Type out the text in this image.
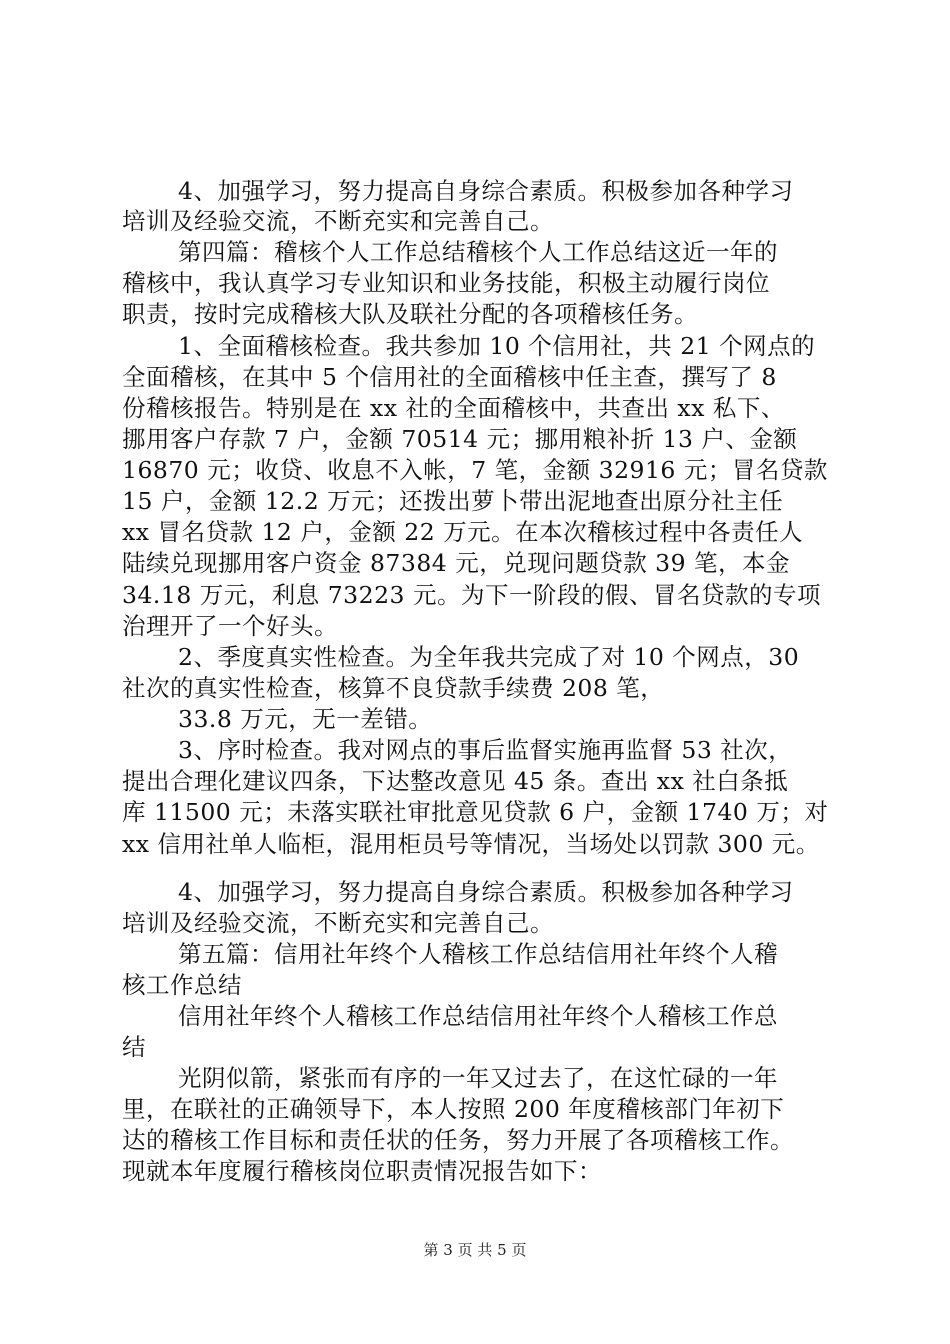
4、加强学习，努力提高自身综合素质。积极参加各种学习
培训及经验交流，不断充实和完善自己。
第四篇：稽核个人工作总结稽核个人工作总结这近一年的
稽核中，我认真学习专业知识和业务技能，积极主动履行岗位
职责，按时完成稽核大队及联社分配的各项稽核任务。
1、全面稽核检查。我共参加 10 个信用社，共 21 个网点的
全面稽核，在其中 5 个信用社的全面稽核中任主查，撰写了 8
份稽核报告。特别是在 xx 社的全面稽核中，共查出 xx 私下、
挪用客户存款 7 户，金额 70514 元；挪用粮补折 13 户、金额
16870 元；收贷、收息不入帐，7 笔，金额 32916 元；冒名贷款
15 户，金额 12.2 万元；还拨出萝卜带出泥地查出原分社主任
xx 冒名贷款 12 户，金额 22 万元。在本次稽核过程中各责任人
陆续兑现挪用客户资金 87384 元，兑现问题贷款 39 笔，本金
34.18 万元，利息 73223 元。为下一阶段的假、冒名贷款的专项
治理开了一个好头。
2、季度真实性检查。为全年我共完成了对 10 个网点，30
社次的真实性检查，核算不良贷款手续费 208 笔，
33.8 万元，无一差错。
3、序时检查。我对网点的事后监督实施再监督 53 社次，
提出合理化建议四条，下达整改意见 45 条。查出 xx 社白条抵
库 11500 元；未落实联社审批意见贷款 6 户，金额 1740 万；对
xx 信用社单人临柜，混用柜员号等情况，当场处以罚款 300 元。
4、加强学习，努力提高自身综合素质。积极参加各种学习
培训及经验交流，不断充实和完善自己。
第五篇：信用社年终个人稽核工作总结信用社年终个人稽
核工作总结
信用社年终个人稽核工作总结信用社年终个人稽核工作总
结
光阴似箭，紧张而有序的一年又过去了，在这忙碌的一年
里，在联社的正确领导下，本人按照 200 年度稽核部门年初下
达的稽核工作目标和责任状的任务，努力开展了各项稽核工作。
现就本年度履行稽核岗位职责情况报告如下：
第 3 页 共 5 页
